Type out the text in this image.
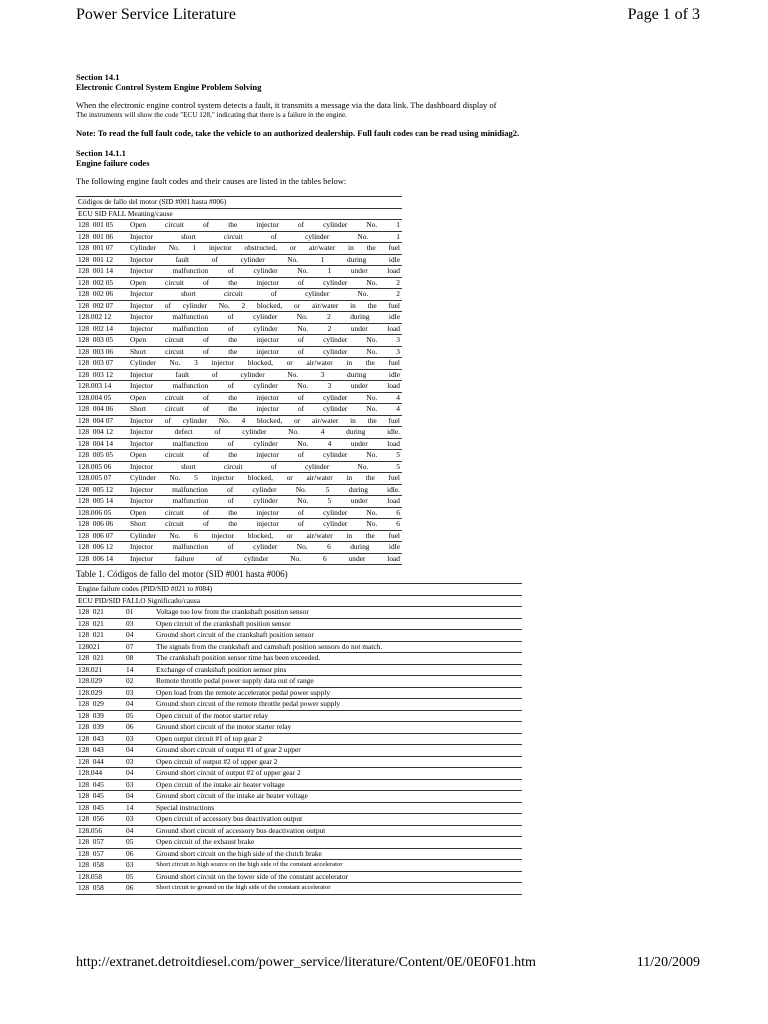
Power Service Literature	Page 1 of 3

Section 14.1

Electronic Control System Engine Problem Solving

When the electronic engine control system detects a fault, it transmits a message via the data link. The dashboard display of

The instruments will show the code "ECU 128," indicating that there is a failure in the engine.

Note: To read the full fault code, take the vehicle to an authorized dealership. Full fault codes can be read using minidiag2.

Section 14.1.1

Engine failure codes

The following engine fault codes and their causes are listed in the tables below:

Códigos de fallo del motor (SID #001 hasta #006)	
ECU SID FALL Meaning/cause	
128  001 05	Open circuit of the injector of cylinder No. 1
128  001 06	Injector short circuit of cylinder No. 1
128  001 07	Cylinder No. 1 injector obstructed, or air/water in the fuel
128  001 12	Injector fault of cylinder No. 1 during idle
128  001 14	Injector malfunction of cylinder No. 1 under load
128  002 05	Open circuit of the injector of cylinder No. 2
128  002 06	Injector short circuit of cylinder No. 2
128  002 07	Injector of cylinder No. 2 blocked, or air/water in the fuel
128.002 12	Injector malfunction of cylinder No. 2 during idle
128  002 14	Injector malfunction of cylinder No. 2 under load
128  003 05	Open circuit of the injector of cylinder No. 3
128  003 06	Short circuit of the injector of cylinder No. 3
128  003 07	Cylinder No. 3 injector blocked, or air/water in the fuel
128  003 12	Injector fault of cylinder No. 3 during idle
128.003 14	Injector malfunction of cylinder No. 3 under load
128.004 05	Open circuit of the injector of cylinder No. 4
128  004 06	Short circuit of the injector of cylinder No. 4
128  004 07	Injector of cylinder No. 4 blocked, or air/water in the fuel
128  004 12	Injector defect of cylinder No. 4 during idle.
128  004 14	Injector malfunction of cylinder No. 4 under load
128  005 05	Open circuit of the injector of cylinder No. 5
128.005 06	Injector short circuit of cylinder No. 5
128.005 07	Cylinder No. 5 injector blocked, or air/water in the fuel
128  005 12	Injector malfunction of cylinder No. 5 during idle.
128  005 14	Injector malfunction of cylinder No. 5 under load
128.006 05	Open circuit of the injector of cylinder No. 6
128  006 06	Short circuit of the injector of cylinder No. 6
128  006 07	Cylinder No. 6 injector blocked, or air/water in the fuel
128  006 12	Injector malfunction of cylinder No. 6 during idle
128  006 14	Injector failure of cylinder No. 6 under load
Table 1. Códigos de fallo del motor (SID #001 hasta #006)
Engine failure codes (PID/SID #021 to #084)		
ECU PID/SID FALLO Significado/causa		
128  021	01	Voltage too low from the crankshaft position sensor
128  021	03	Open circuit of the crankshaft position sensor
128  021	04	Ground short circuit of the crankshaft position sensor
128021	07	The signals from the crankshaft and camshaft position sensors do not match.
128  021	08	The crankshaft position sensor time has been exceeded.
128.021	14	Exchange of crankshaft position sensor pins
128.029	02	Remote throttle pedal power supply data out of range
128.029	03	Open load from the remote accelerator pedal power supply
128  029	04	Ground short circuit of the remote throttle pedal power supply
128  039	05	Open circuit of the motor starter relay
128  039	06	Ground short circuit of the motor starter relay
128  043	03	Open output circuit #1 of top gear 2
128  043	04	Ground short circuit of output #1 of gear 2 upper
128  044	03	Open circuit of output #2 of upper gear 2
128.044	04	Ground short circuit of output #2 of upper gear 2
128  045	03	Open circuit of the intake air heater voltage
128  045	04	Ground short circuit of the intake air heater voltage
128  045	14	Special instructions
128  056	03	Open circuit of accessory bus deactivation output
128.056	04	Ground short circuit of accessory bus deactivation output
128  057	05	Open circuit of the exhaust brake
128  057	06	Ground short circuit on the high side of the clutch brake
128  058	03	Short circuit to high source on the high side of the constant accelerator
128.058	05	Ground short circuit on the lower side of the constant accelerator
128  058	06	Short circuit to ground on the high side of the constant accelerator
http://extranet.detroitdiesel.com/power_service/literature/Content/0E/0E0F01.htm	11/20/2009
